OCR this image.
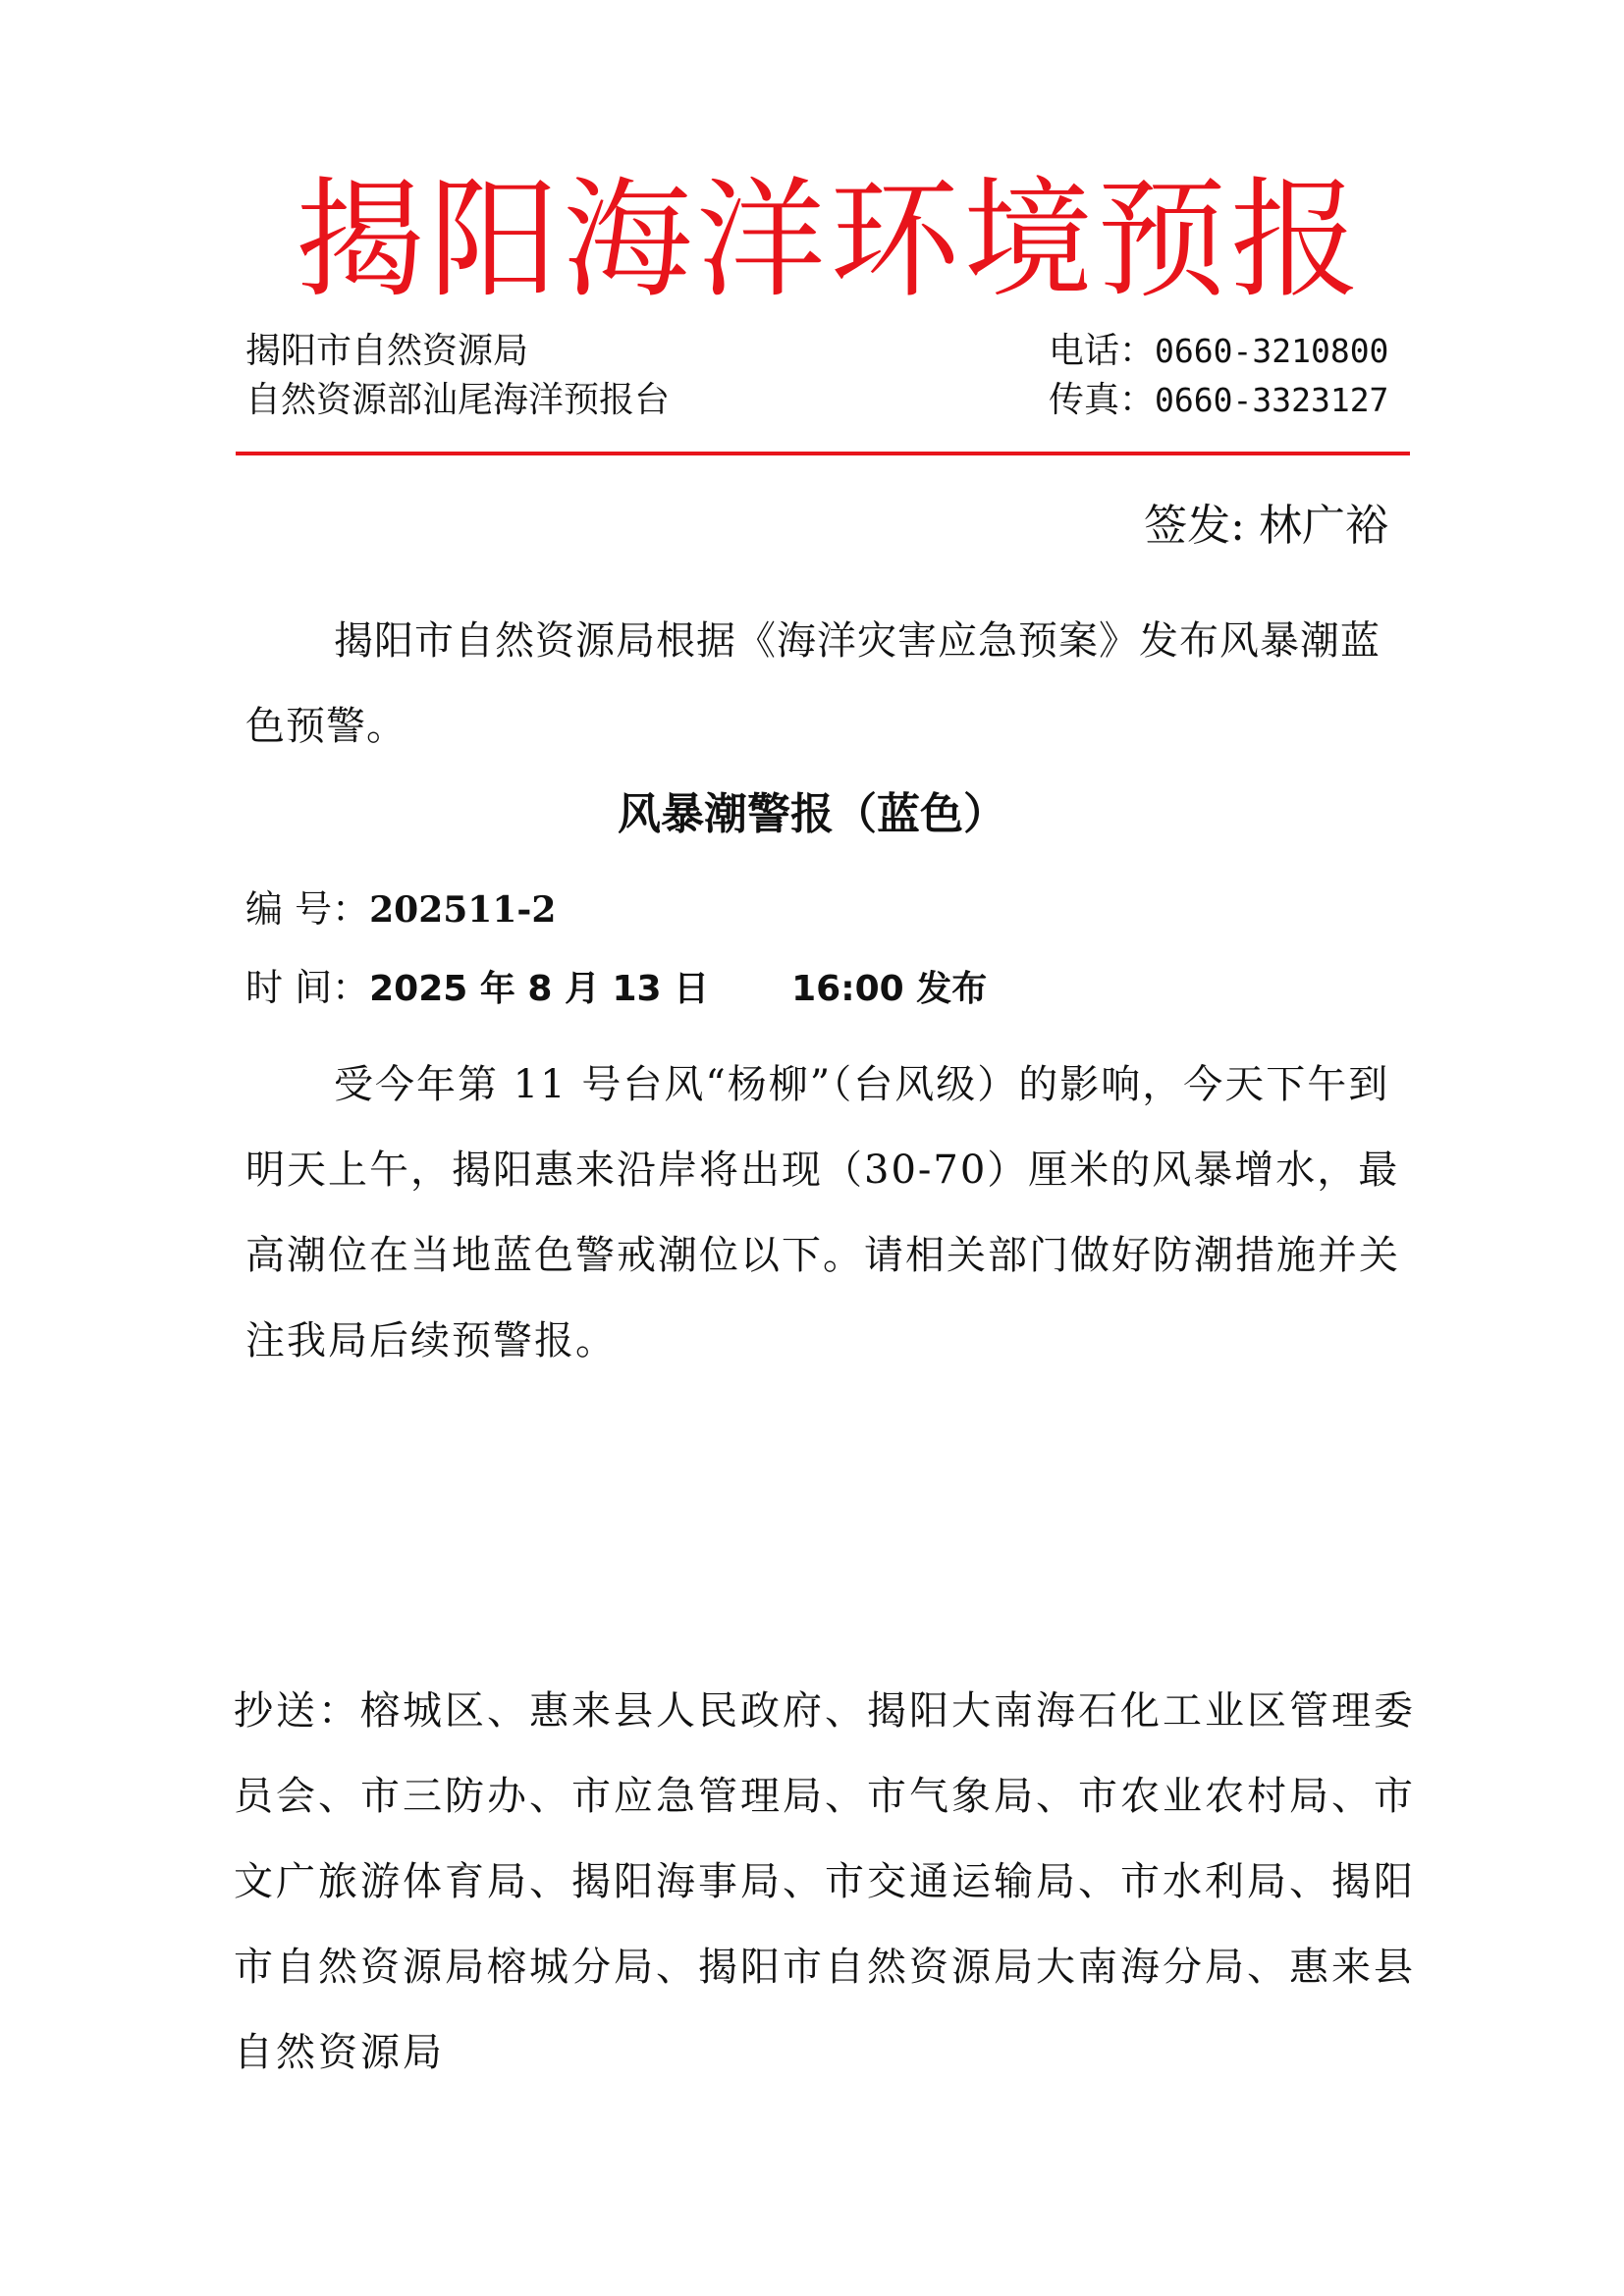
揭阳海洋环境预报
揭阳市自然资源局
自然资源部汕尾海洋预报台
电话：0660-3210800
传真：0660-3323127
签发: 林广裕

揭阳市自然资源局根据《海洋灾害应急预案》发布风暴潮蓝色预警。

风暴潮警报（蓝色）
编 号：202511-2
时 间：2025 年 8 月 13 日 16:00 发布

受今年第 11 号台风“杨柳”（台风级）的影响，今天下午到明天上午，揭阳惠来沿岸将出现（30-70）厘米的风暴增水，最高潮位在当地蓝色警戒潮位以下。请相关部门做好防潮措施并关注我局后续预警报。

抄送：榕城区、惠来县人民政府、揭阳大南海石化工业区管理委员会、市三防办、市应急管理局、市气象局、市农业农村局、市文广旅游体育局、揭阳海事局、市交通运输局、市水利局、揭阳市自然资源局榕城分局、揭阳市自然资源局大南海分局、惠来县自然资源局
